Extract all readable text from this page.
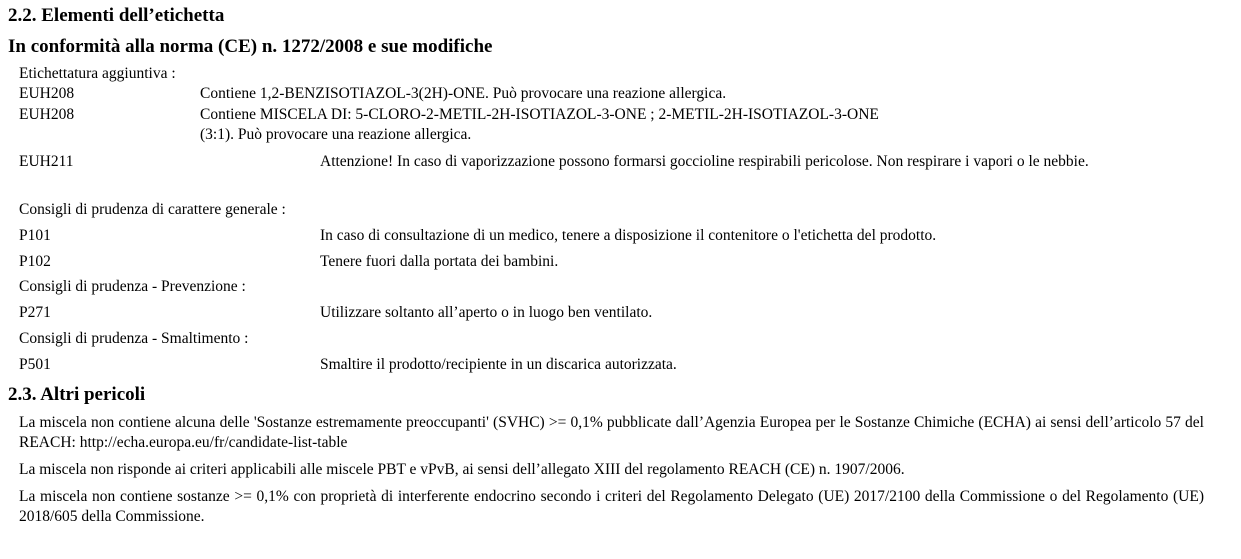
2.2. Elementi dell’etichetta
In conformità alla norma (CE) n. 1272/2008 e sue modifiche
Etichettatura aggiuntiva :
EUH208	Contiene 1,2-BENZISOTIAZOL-3(2H)-ONE. Può provocare una reazione allergica.
EUH208	Contiene MISCELA DI: 5-CLORO-2-METIL-2H-ISOTIAZOL-3-ONE ; 2-METIL-2H-ISOTIAZOL-3-ONE
(3:1). Può provocare una reazione allergica.
EUH211	Attenzione! In caso di vaporizzazione possono formarsi goccioline respirabili pericolose. Non respirare i vapori o le nebbie.
Consigli di prudenza di carattere generale :
P101	In caso di consultazione di un medico, tenere a disposizione il contenitore o l'etichetta del prodotto.
P102	Tenere fuori dalla portata dei bambini.
Consigli di prudenza - Prevenzione :
P271	Utilizzare soltanto all’aperto o in luogo ben ventilato.
Consigli di prudenza - Smaltimento :
P501	Smaltire il prodotto/recipiente in un discarica autorizzata.
2.3. Altri pericoli
La miscela non contiene alcuna delle 'Sostanze estremamente preoccupanti' (SVHC) >= 0,1% pubblicate dall’Agenzia Europea per le Sostanze Chimiche (ECHA) ai sensi dell’articolo 57 del REACH: http://echa.europa.eu/fr/candidate-list-table
La miscela non risponde ai criteri applicabili alle miscele PBT e vPvB, ai sensi dell’allegato XIII del regolamento REACH (CE) n. 1907/2006.
La miscela non contiene sostanze >= 0,1% con proprietà di interferente endocrino secondo i criteri del Regolamento Delegato (UE) 2017/2100 della Commissione o del Regolamento (UE) 2018/605 della Commissione.
